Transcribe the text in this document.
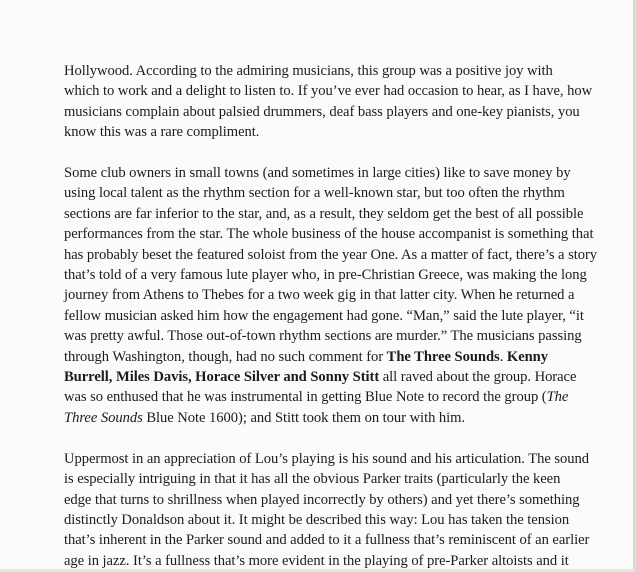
Hollywood. According to the admiring musicians, this group was a positive joy with
which to work and a delight to listen to. If you’ve ever had occasion to hear, as I have, how
musicians complain about palsied drummers, deaf bass players and one-key pianists, you
know this was a rare compliment.

Some club owners in small towns (and sometimes in large cities) like to save money by
using local talent as the rhythm section for a well-known star, but too often the rhythm
sections are far inferior to the star, and, as a result, they seldom get the best of all possible
performances from the star. The whole business of the house accompanist is something that
has probably beset the featured soloist from the year One. As a matter of fact, there’s a story
that’s told of a very famous lute player who, in pre-Christian Greece, was making the long
journey from Athens to Thebes for a two week gig in that latter city. When he returned a
fellow musician asked him how the engagement had gone. “Man,” said the lute player, “it
was pretty awful. Those out-of-town rhythm sections are murder.” The musicians passing
through Washington, though, had no such comment for The Three Sounds. Kenny
Burrell, Miles Davis, Horace Silver and Sonny Stitt all raved about the group. Horace
was so enthused that he was instrumental in getting Blue Note to record the group (The
Three Sounds Blue Note 1600); and Stitt took them on tour with him.

Uppermost in an appreciation of Lou’s playing is his sound and his articulation. The sound
is especially intriguing in that it has all the obvious Parker traits (particularly the keen
edge that turns to shrillness when played incorrectly by others) and yet there’s something
distinctly Donaldson about it. It might be described this way: Lou has taken the tension
that’s inherent in the Parker sound and added to it a fullness that’s reminiscent of an earlier
age in jazz. It’s a fullness that’s more evident in the playing of pre-Parker altoists and it
